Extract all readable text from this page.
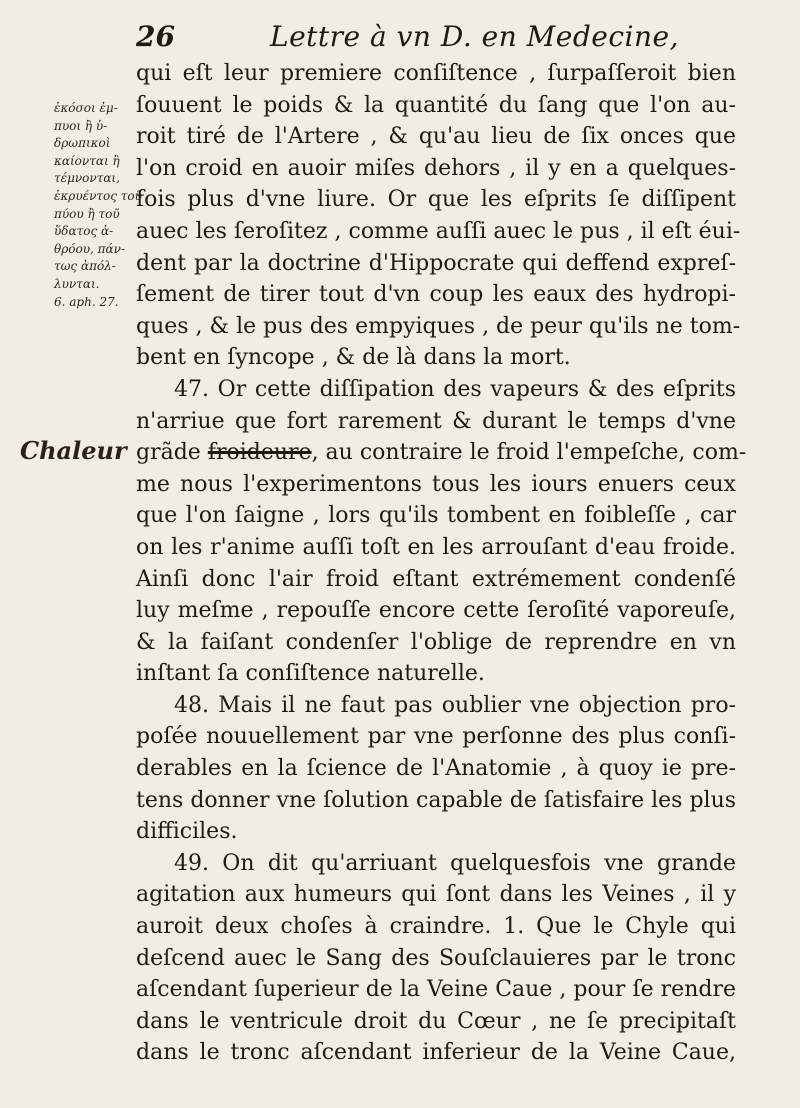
26	Lettre à vn D. en Medecine,
ἐκόσοι ἐμ-
πυοι ἢ ὑ-
δρωπικοὶ
καίονται ἢ
τέμνονται,
ἐκρυέντος τοῦ
πύου ἢ τοῦ
ὕδατος ἀ-
θρόου, πάν-
τως ἀπόλ-
λυνται.
6. aph. 27.
Chaleur
qui eſt leur premiere conſiſtence , ſurpaſſeroit bien
ſouuent le poids & la quantité du ſang que l'on au-
roit tiré de l'Artere , & qu'au lieu de ſix onces que
l'on croid en auoir miſes dehors , il y en a quelques-
fois plus d'vne liure. Or que les eſprits ſe diſſipent
auec les ſeroſitez , comme auſſi auec le pus , il eſt éui-
dent par la doctrine d'Hippocrate qui deffend expreſ-
ſement de tirer tout d'vn coup les eaux des hydropi-
ques , & le pus des empyiques , de peur qu'ils ne tom-
bent en ſyncope , & de là dans la mort.
47. Or cette diſſipation des vapeurs & des eſprits
n'arriue que fort rarement & durant le temps d'vne
grãde froideure, au contraire le froid l'empeſche, com-
me nous l'experimentons tous les iours enuers ceux
que l'on ſaigne , lors qu'ils tombent en foibleſſe , car
on les r'anime auſſi toſt en les arrouſant d'eau froide.
Ainſi donc l'air froid eſtant extrémement condenſé
luy meſme , repouſſe encore cette ſeroſité vaporeuſe,
& la faiſant condenſer l'oblige de reprendre en vn
inſtant ſa conſiſtence naturelle.
48. Mais il ne faut pas oublier vne objection pro-
poſée nouuellement par vne perſonne des plus conſi-
derables en la ſcience de l'Anatomie , à quoy ie pre-
tens donner vne ſolution capable de ſatisfaire les plus
difficiles.
49. On dit qu'arriuant quelquesfois vne grande
agitation aux humeurs qui ſont dans les Veines , il y
auroit deux choſes à craindre. 1. Que le Chyle qui
deſcend auec le Sang des Souſclauieres par le tronc
aſcendant ſuperieur de la Veine Caue , pour ſe rendre
dans le ventricule droit du Cœur , ne ſe precipitaſt
dans le tronc aſcendant inferieur de la Veine Caue,
